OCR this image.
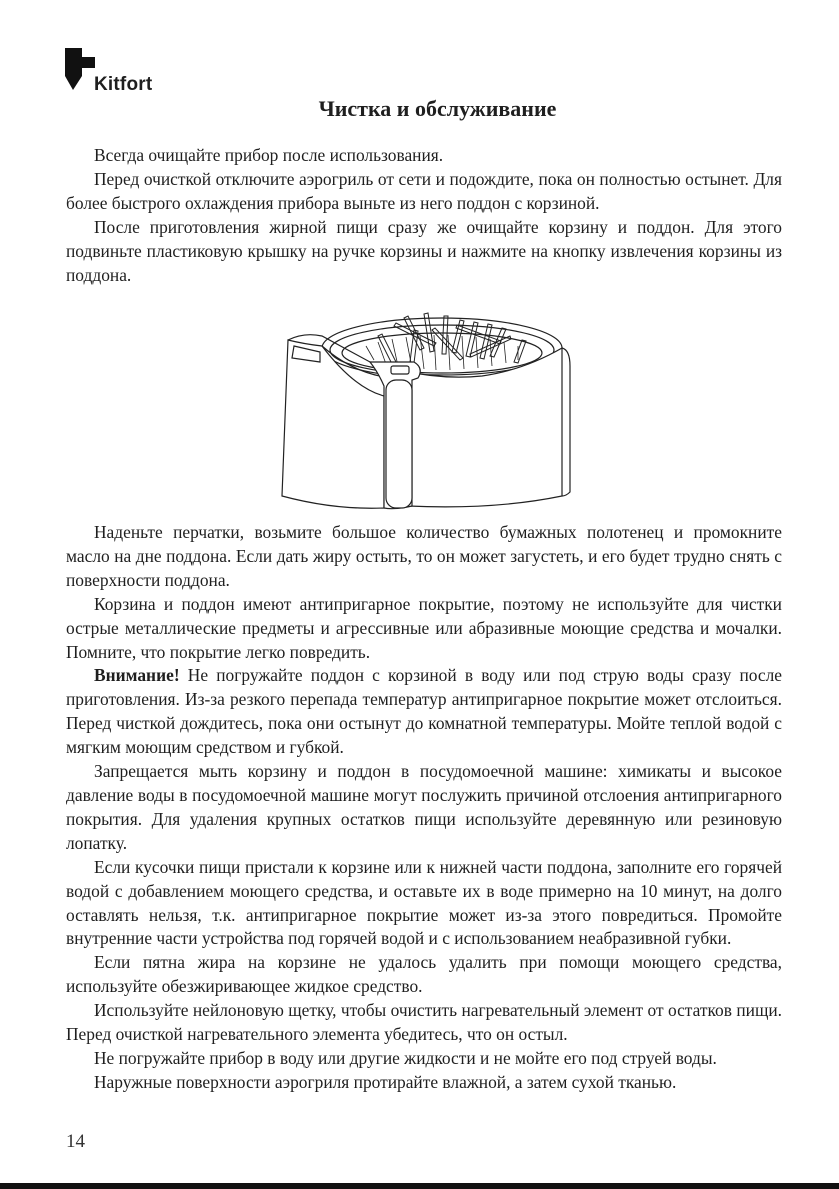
Kitfort
Чистка и обслуживание

Всегда очищайте прибор после использования.

Перед очисткой отключите аэрогриль от сети и подождите, пока он полностью остынет. Для более быстрого охлаждения прибора выньте из него поддон с корзиной.

После приготовления жирной пищи сразу же очищайте корзину и поддон. Для этого подвиньте пластиковую крышку на ручке корзины и нажмите на кнопку извлечения корзины из поддона.

Наденьте перчатки, возьмите большое количество бумажных полотенец и промокните масло на дне поддона. Если дать жиру остыть, то он может загустеть, и его будет трудно снять с поверхности поддона.

Корзина и поддон имеют антипригарное покрытие, поэтому не используйте для чистки острые металлические предметы и агрессивные или абразивные моющие средства и мочалки. Помните, что покрытие легко повредить.

Внимание! Не погружайте поддон с корзиной в воду или под струю воды сразу после приготовления. Из-за резкого перепада температур антипригарное покрытие может отслоиться. Перед чисткой дождитесь, пока они остынут до комнатной температуры. Мойте теплой водой с мягким моющим средством и губкой.

Запрещается мыть корзину и поддон в посудомоечной машине: химикаты и высокое давление воды в посудомоечной машине могут послужить причиной отслоения антипригарного покрытия. Для удаления крупных остатков пищи используйте деревянную или резиновую лопатку.

Если кусочки пищи пристали к корзине или к нижней части поддона, заполните его горячей водой с добавлением моющего средства, и оставьте их в воде примерно на 10 минут, на долго оставлять нельзя, т.к. антипригарное покрытие может из-за этого повредиться. Промойте внутренние части устройства под горячей водой и с использованием неабразивной губки.

Если пятна жира на корзине не удалось удалить при помощи моющего средства, используйте обезжиривающее жидкое средство.

Используйте нейлоновую щетку, чтобы очистить нагревательный элемент от остатков пищи. Перед очисткой нагревательного элемента убедитесь, что он остыл.

Не погружайте прибор в воду или другие жидкости и не мойте его под струей воды.

Наружные поверхности аэрогриля протирайте влажной, а затем сухой тканью.

14
